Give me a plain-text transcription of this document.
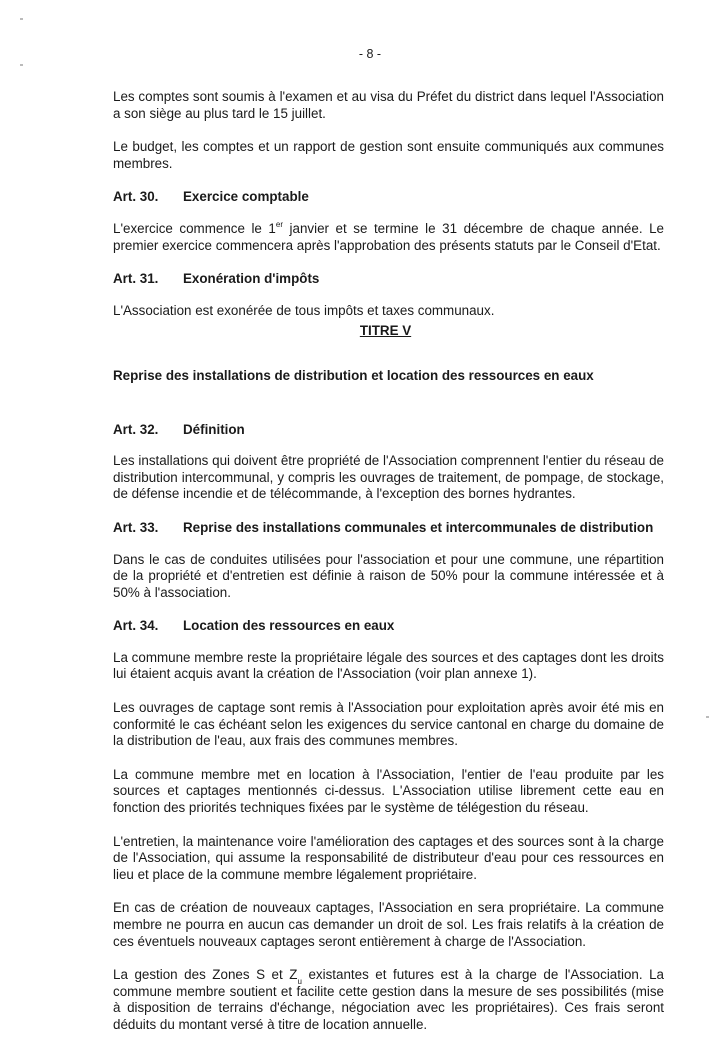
- 8 -

Les comptes sont soumis à l'examen et au visa du Préfet du district dans lequel l'Association a son siège au plus tard le 15 juillet.

Le budget, les comptes et un rapport de gestion sont ensuite communiqués aux communes membres.

Art. 30.	Exercice comptable

L'exercice commence le 1er janvier et se termine le 31 décembre de chaque année. Le premier exercice commencera après l'approbation des présents statuts par le Conseil d'Etat.

Art. 31.	Exonération d'impôts

L'Association est exonérée de tous impôts et taxes communaux.

TITRE V
Reprise des installations de distribution et location des ressources en eaux
Art. 32.	Définition

Les installations qui doivent être propriété de l'Association comprennent l'entier du réseau de distribution intercommunal, y compris les ouvrages de traitement, de pompage, de stockage, de défense incendie et de télécommande, à l'exception des bornes hydrantes.

Art. 33.	Reprise des installations communales et intercommunales de distribution

Dans le cas de conduites utilisées pour l'association et pour une commune, une répartition de la propriété et d'entretien est définie à raison de 50% pour la commune intéressée et à 50% à l'association.

Art. 34.	Location des ressources en eaux

La commune membre reste la propriétaire légale des sources et des captages dont les droits lui étaient acquis avant la création de l'Association (voir plan annexe 1).

Les ouvrages de captage sont remis à l'Association pour exploitation après avoir été mis en conformité le cas échéant selon les exigences du service cantonal en charge du domaine de la distribution de l'eau, aux frais des communes membres.

La commune membre met en location à l'Association, l'entier de l'eau produite par les sources et captages mentionnés ci-dessus. L'Association utilise librement cette eau en fonction des priorités techniques fixées par le système de télégestion du réseau.

L'entretien, la maintenance voire l'amélioration des captages et des sources sont à la charge de l'Association, qui assume la responsabilité de distributeur d'eau pour ces ressources en lieu et place de la commune membre légalement propriétaire.

En cas de création de nouveaux captages, l'Association en sera propriétaire. La commune membre ne pourra en aucun cas demander un droit de sol. Les frais relatifs à la création de ces éventuels nouveaux captages seront entièrement à charge de l'Association.

La gestion des Zones S et $Z_u$ existantes et futures est à la charge de l'Association. La commune membre soutient et facilite cette gestion dans la mesure de ses possibilités (mise à disposition de terrains d'échange, négociation avec les propriétaires). Ces frais seront déduits du montant versé à titre de location annuelle.
